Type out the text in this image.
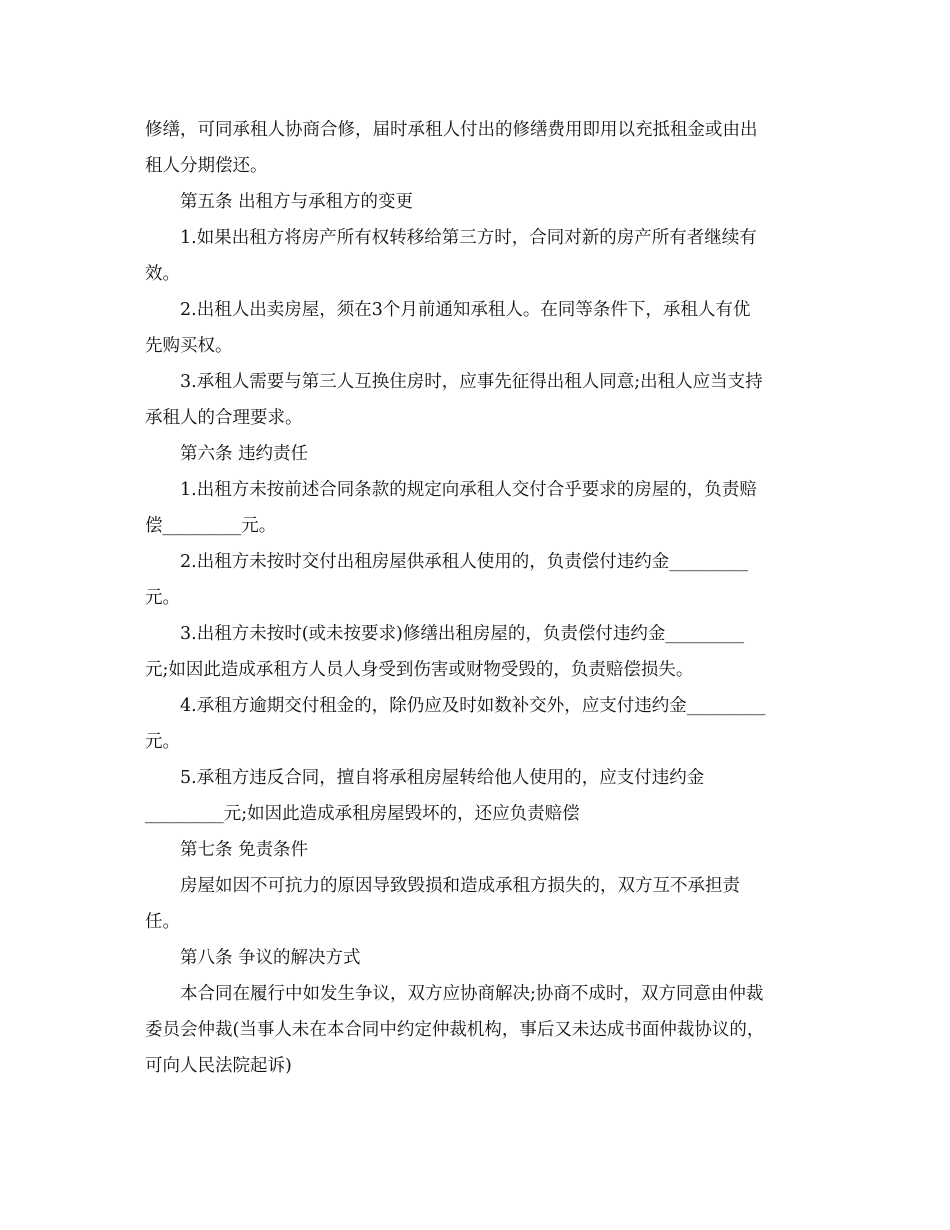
修缮，可同承租人协商合修，届时承租人付出的修缮费用即用以充抵租金或由出
租人分期偿还。
第五条 出租方与承租方的变更
1.如果出租方将房产所有权转移给第三方时，合同对新的房产所有者继续有
效。
2.出租人出卖房屋，须在3个月前通知承租人。在同等条件下，承租人有优
先购买权。
3.承租人需要与第三人互换住房时，应事先征得出租人同意;出租人应当支持
承租人的合理要求。
第六条 违约责任
1.出租方未按前述合同条款的规定向承租人交付合乎要求的房屋的，负责赔
偿_________元。
2.出租方未按时交付出租房屋供承租人使用的，负责偿付违约金_________
元。
3.出租方未按时(或未按要求)修缮出租房屋的，负责偿付违约金_________
元;如因此造成承租方人员人身受到伤害或财物受毁的，负责赔偿损失。
4.承租方逾期交付租金的，除仍应及时如数补交外，应支付违约金_________
元。
5.承租方违反合同，擅自将承租房屋转给他人使用的，应支付违约金
_________元;如因此造成承租房屋毁坏的，还应负责赔偿
第七条 免责条件
房屋如因不可抗力的原因导致毁损和造成承租方损失的，双方互不承担责
任。
第八条 争议的解决方式
本合同在履行中如发生争议，双方应协商解决;协商不成时，双方同意由仲裁
委员会仲裁(当事人未在本合同中约定仲裁机构，事后又未达成书面仲裁协议的，
可向人民法院起诉)
